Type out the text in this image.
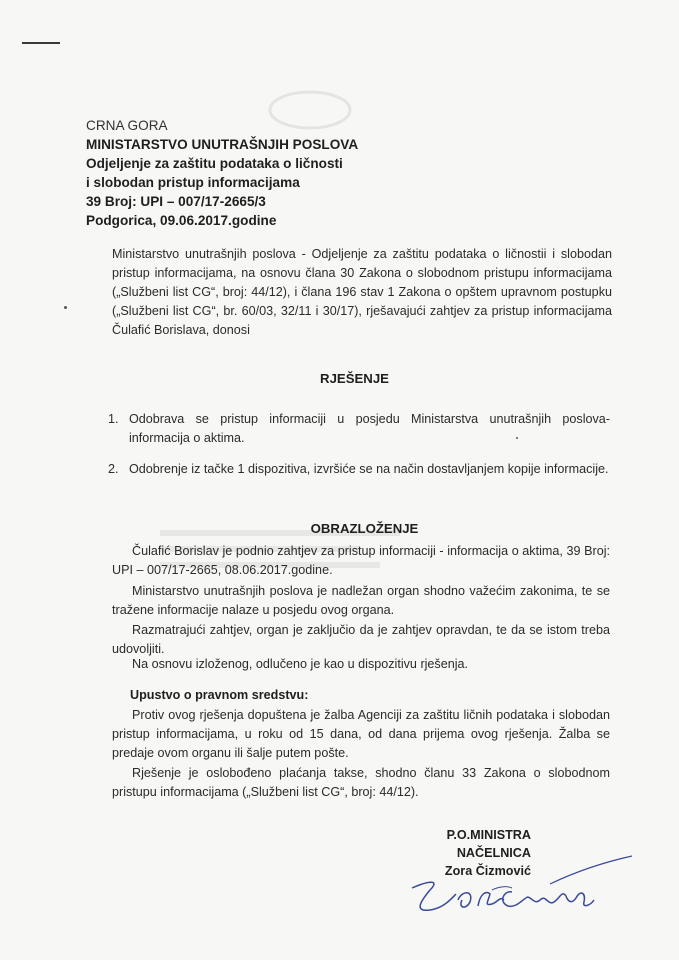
CRNA GORA
MINISTARSTVO UNUTRAŠNJIH POSLOVA
Odjeljenje za zaštitu podataka o ličnosti
i slobodan pristup informacijama
39 Broj: UPI – 007/17-2665/3
Podgorica, 09.06.2017.godine

Ministarstvo unutrašnjih poslova - Odjeljenje za zaštitu podataka o ličnostii i slobodan pristup informacijama, na osnovu člana 30 Zakona o slobodnom pristupu informacijama („Službeni list CG“, broj: 44/12), i člana 196 stav 1 Zakona o opštem upravnom postupku („Službeni list CG“, br. 60/03, 32/11 i 30/17), rješavajući zahtjev za pristup informacijama Čulafić Borislava, donosi

RJEŠENJE
1. Odobrava se pristup informaciji u posjedu Ministarstva unutrašnjih poslova- informacija o aktima.
2. Odobrenje iz tačke 1 dispozitiva, izvršiće se na način dostavljanjem kopije informacije.
OBRAZLOŽENJE

Čulafić Borislav je podnio zahtjev za pristup informaciji - informacija o aktima, 39 Broj: UPI – 007/17-2665, 08.06.2017.godine.

Ministarstvo unutrašnjih poslova je nadležan organ shodno važećim zakonima, te se tražene informacije nalaze u posjedu ovog organa.

Razmatrajući zahtjev, organ je zaključio da je zahtjev opravdan, te da se istom treba udovoljiti.

Na osnovu izloženog, odlučeno je kao u dispozitivu rješenja.

Upustvo o pravnom sredstvu:

Protiv ovog rješenja dopuštena je žalba Agenciji za zaštitu ličnih podataka i slobodan pristup informacijama, u roku od 15 dana, od dana prijema ovog rješenja. Žalba se predaje ovom organu ili šalje putem pošte.

Rješenje je oslobođeno plaćanja takse, shodno članu 33 Zakona o slobodnom pristupu informacijama („Službeni list CG“, broj: 44/12).

P.O.MINISTRA
NAČELNICA
Zora Čizmović
